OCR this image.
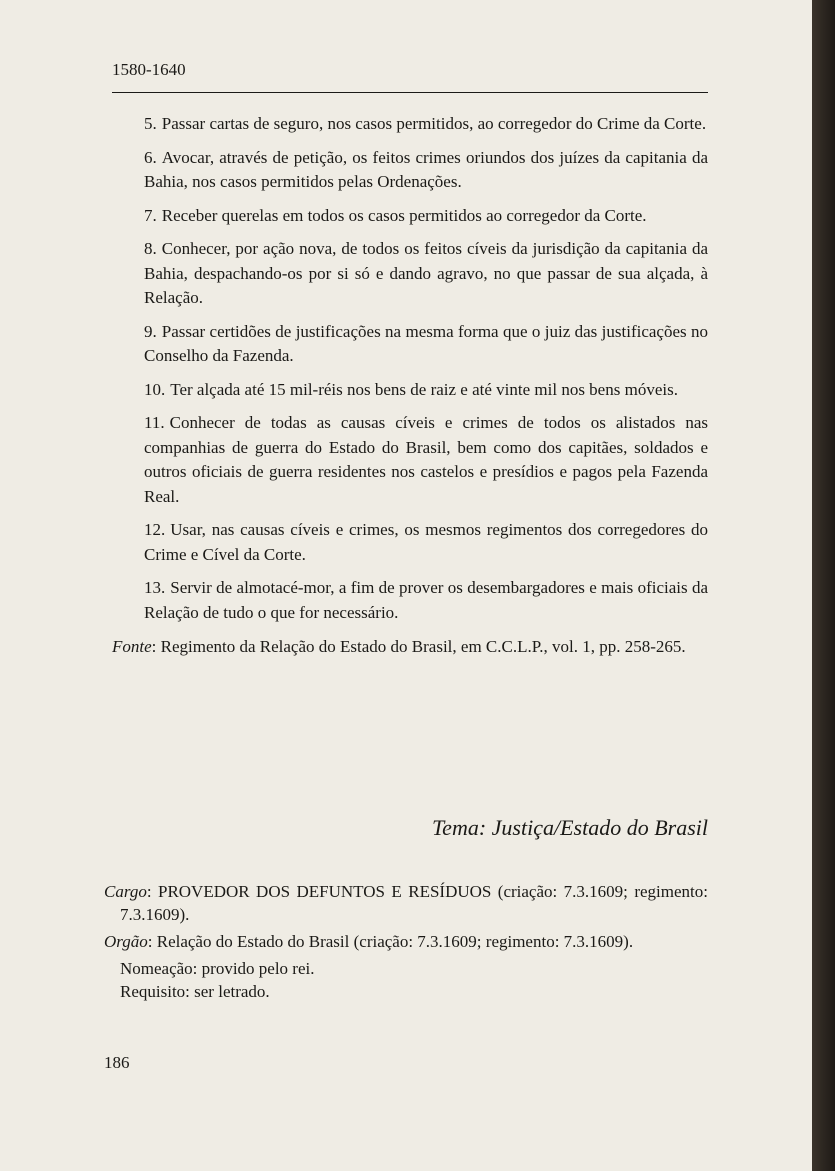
1580-1640

5. Passar cartas de seguro, nos casos permitidos, ao corregedor do Crime da Corte.

6. Avocar, através de petição, os feitos crimes oriundos dos juízes da capitania da Bahia, nos casos permitidos pelas Ordenações.

7. Receber querelas em todos os casos permitidos ao corregedor da Corte.

8. Conhecer, por ação nova, de todos os feitos cíveis da jurisdição da capitania da Bahia, despachando-os por si só e dando agravo, no que passar de sua alçada, à Relação.

9. Passar certidões de justificações na mesma forma que o juiz das justificações no Conselho da Fazenda.

10. Ter alçada até 15 mil-réis nos bens de raiz e até vinte mil nos bens móveis.

11. Conhecer de todas as causas cíveis e crimes de todos os alistados nas companhias de guerra do Estado do Brasil, bem como dos capitães, soldados e outros oficiais de guerra residentes nos castelos e presídios e pagos pela Fazenda Real.

12. Usar, nas causas cíveis e crimes, os mesmos regimentos dos corregedores do Crime e Cível da Corte.

13. Servir de almotacé-mor, a fim de prover os desembargadores e mais oficiais da Relação de tudo o que for necessário.

Fonte: Regimento da Relação do Estado do Brasil, em C.C.L.P., vol. 1, pp. 258-265.

Tema: Justiça/Estado do Brasil

Cargo: PROVEDOR DOS DEFUNTOS E RESÍDUOS (criação: 7.3.1609; regimento: 7.3.1609).

Orgão: Relação do Estado do Brasil (criação: 7.3.1609; regimento: 7.3.1609).

Nomeação: provido pelo rei.
Requisito: ser letrado.
186
